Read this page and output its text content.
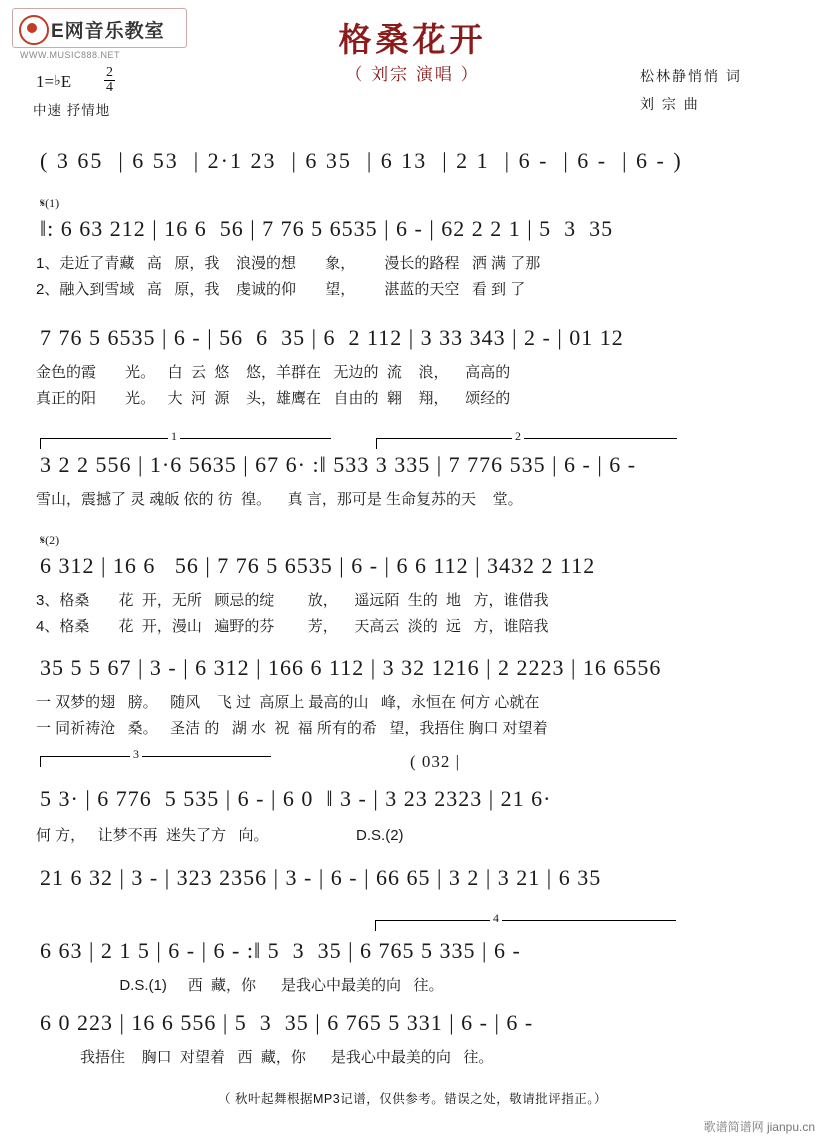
E网音乐教室
WWW.MUSIC888.NET	格桑花开
（ 刘宗 演唱 ）	松林静悄悄 词
刘 宗 曲
1=♭E $\frac{2}{4}$
中速 抒情地
( 3 65  | 6 53  | 2·1 23  | 6 35  | 6 13  | 2 1  | 6 -  | 6 -  | 6 - )
𝄋(1)
‖: 6 63 212 | 16 6  56 | 7 76 5 6535 | 6 - | 62 2 2 1 | 5  3  35
1、走近了青藏   高   原，我    浪漫的想       象，       漫长的路程   洒 满 了那
2、融入到雪域   高   原，我    虔诚的仰       望，       湛蓝的天空   看 到 了
7 76 5 6535 | 6 - | 56  6  35 | 6  2 112 | 3 33 343 | 2 - | 01 12
金色的霞       光。   白  云  悠    悠，羊群在   无边的  流    浪，    高高的
真正的阳       光。   大  河  源    头，雄鹰在   自由的  翱    翔，    颂经的
1	2
3 2 2 556 | 1·6 5635 | 67 6· :‖ 533 3 335 | 7 776 535 | 6 - | 6 -
雪山，震撼了 灵 魂皈 依的 彷  徨。    真 言，那可是 生命复苏的天    堂。
𝄋(2)
6 312 | 16 6   56 | 7 76 5 6535 | 6 - | 6 6 112 | 3432 2 112
3、格桑       花  开，无所   顾忌的绽        放，    遥远陌  生的  地   方，谁借我
4、格桑       花  开，漫山   遍野的芬        芳，    天高云  淡的  远   方，谁陪我
35 5 5 67 | 3 - | 6 312 | 166 6 112 | 3 32 1216 | 2 2223 | 16 6556
一 双梦的翅   膀。   随风    飞 过  高原上 最高的山   峰，永恒在 何方 心就在
一 同祈祷沧   桑。   圣洁 的   湖 水  祝  福 所有的希   望，我捂住 胸口 对望着
3	( 032 |
5 3· | 6 776  5 535 | 6 - | 6 0  ‖ 3 - | 3 23 2323 | 21 6·
何 方，   让梦不再  迷失了方   向。                     D.S.(2)
21 6 32 | 3 - | 323 2356 | 3 - | 6 - | 66 65 | 3 2 | 3 21 | 6 35
4
6 63 | 2 1 5 | 6 - | 6 - :‖ 5  3  35 | 6 765 5 335 | 6 -
D.S.(1)     西  藏，你      是我心中最美的向   往。
6 0 223 | 16 6 556 | 5  3  35 | 6 765 5 331 | 6 - | 6 -
我捂住    胸口  对望着   西  藏，你      是我心中最美的向   往。
（ 秋叶起舞根据MP3记谱，仅供参考。错误之处，敬请批评指正。）
歌谱简谱网 jianpu.cn
